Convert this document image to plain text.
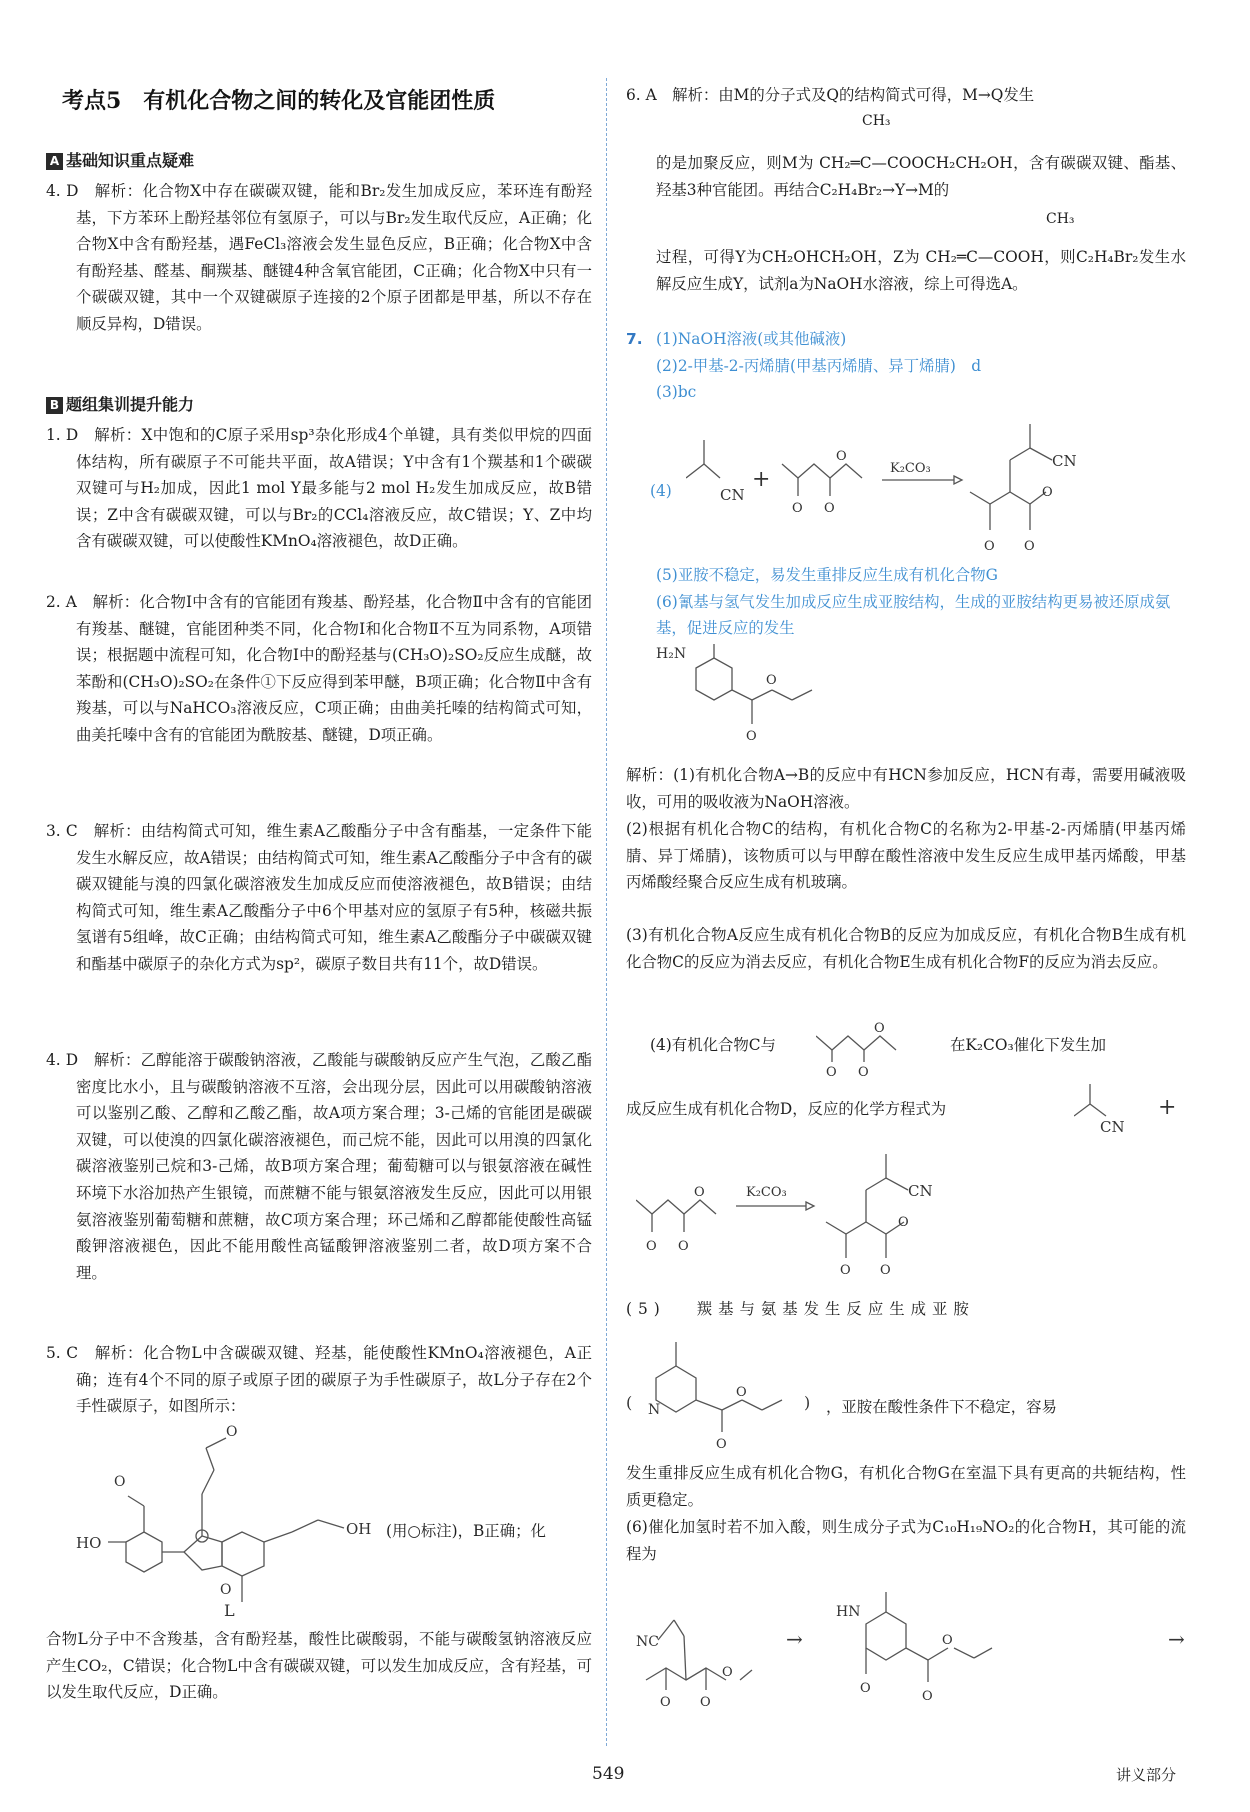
考点5　有机化合物之间的转化及官能团性质
A 基础知识重点疑难

4. D　解析：化合物X中存在碳碳双键，能和Br₂发生加成反应，苯环连有酚羟基，下方苯环上酚羟基邻位有氢原子，可以与Br₂发生取代反应，A正确；化合物X中含有酚羟基，遇FeCl₃溶液会发生显色反应，B正确；化合物X中含有酚羟基、醛基、酮羰基、醚键4种含氧官能团，C正确；化合物X中只有一个碳碳双键，其中一个双键碳原子连接的2个原子团都是甲基，所以不存在顺反异构，D错误。

B 题组集训提升能力

1. D　解析：X中饱和的C原子采用sp³杂化形成4个单键，具有类似甲烷的四面体结构，所有碳原子不可能共平面，故A错误；Y中含有1个羰基和1个碳碳双键可与H₂加成，因此1 mol Y最多能与2 mol H₂发生加成反应，故B错误；Z中含有碳碳双键，可以与Br₂的CCl₄溶液反应，故C错误；Y、Z中均含有碳碳双键，可以使酸性KMnO₄溶液褪色，故D正确。

2. A　解析：化合物Ⅰ中含有的官能团有羧基、酚羟基，化合物Ⅱ中含有的官能团有羧基、醚键，官能团种类不同，化合物Ⅰ和化合物Ⅱ不互为同系物，A项错误；根据题中流程可知，化合物Ⅰ中的酚羟基与(CH₃O)₂SO₂反应生成醚，故苯酚和(CH₃O)₂SO₂在条件①下反应得到苯甲醚，B项正确；化合物Ⅱ中含有羧基，可以与NaHCO₃溶液反应，C项正确；由曲美托嗪的结构简式可知，曲美托嗪中含有的官能团为酰胺基、醚键，D项正确。

3. C　解析：由结构简式可知，维生素A乙酸酯分子中含有酯基，一定条件下能发生水解反应，故A错误；由结构简式可知，维生素A乙酸酯分子中含有的碳碳双键能与溴的四氯化碳溶液发生加成反应而使溶液褪色，故B错误；由结构简式可知，维生素A乙酸酯分子中6个甲基对应的氢原子有5种，核磁共振氢谱有5组峰，故C正确；由结构简式可知，维生素A乙酸酯分子中碳碳双键和酯基中碳原子的杂化方式为sp²，碳原子数目共有11个，故D错误。

4. D　解析：乙醇能溶于碳酸钠溶液，乙酸能与碳酸钠反应产生气泡，乙酸乙酯密度比水小，且与碳酸钠溶液不互溶，会出现分层，因此可以用碳酸钠溶液可以鉴别乙酸、乙醇和乙酸乙酯，故A项方案合理；3-己烯的官能团是碳碳双键，可以使溴的四氯化碳溶液褪色，而己烷不能，因此可以用溴的四氯化碳溶液鉴别己烷和3-己烯，故B项方案合理；葡萄糖可以与银氨溶液在碱性环境下水浴加热产生银镜，而蔗糖不能与银氨溶液发生反应，因此可以用银氨溶液鉴别葡萄糖和蔗糖，故C项方案合理；环己烯和乙醇都能使酸性高锰酸钾溶液褪色，因此不能用酸性高锰酸钾溶液鉴别二者，故D项方案不合理。

5. C　解析：化合物L中含碳碳双键、羟基，能使酸性KMnO₄溶液褪色，A正确；连有4个不同的原子或原子团的碳原子为手性碳原子，故L分子存在2个手性碳原子，如图所示：

HO
O
O
OH
O
L
(用○标注)，B正确；化

合物L分子中不含羧基，含有酚羟基，酸性比碳酸弱，不能与碳酸氢钠溶液反应产生CO₂，C错误；化合物L中含有碳碳双键，可以发生加成反应，含有羟基，可以发生取代反应，D正确。

6. A　解析：由M的分子式及Q的结构简式可得，M→Q发生
CH₃

的是加聚反应，则M为 CH₂═C—COOCH₂CH₂OH，含有碳碳双键、酯基、羟基3种官能团。再结合C₂H₄Br₂→Y→M的

CH₃

过程，可得Y为CH₂OHCH₂OH，Z为 CH₂═C—COOH，则C₂H₄Br₂发生水解反应生成Y，试剂a为NaOH水溶液，综上可得选A。

7. (1)NaOH溶液(或其他碱液)

(2)2-甲基-2-丙烯腈(甲基丙烯腈、异丁烯腈)　d

(3)bc

(4)	CN
+
O O
O
K₂CO₃	CN
O O
O

(5)亚胺不稳定，易发生重排反应生成有机化合物G

(6)氰基与氢气发生加成反应生成亚胺结构，生成的亚胺结构更易被还原成氨基，促进反应的发生

H₂N
O
O

解析：(1)有机化合物A→B的反应中有HCN参加反应，HCN有毒，需要用碱液吸收，可用的吸收液为NaOH溶液。

(2)根据有机化合物C的结构，有机化合物C的名称为2-甲基-2-丙烯腈(甲基丙烯腈、异丁烯腈)，该物质可以与甲醇在酸性溶液中发生反应生成甲基丙烯酸，甲基丙烯酸经聚合反应生成有机玻璃。

(3)有机化合物A反应生成有机化合物B的反应为加成反应，有机化合物B生成有机化合物C的反应为消去反应，有机化合物E生成有机化合物F的反应为消去反应。

(4)有机化合物C与
O O
O
在K₂CO₃催化下发生加
成反应生成有机化合物D，反应的化学方程式为
CN
+
O O
O	K₂CO₃	CN
O O
O
(5) 羰基与氨基发生反应生成亚胺
( N
O
O
) ，亚胺在酸性条件下不稳定，容易

发生重排反应生成有机化合物G，有机化合物G在室温下具有更高的共轭结构，性质更稳定。

(6)催化加氢时若不加入酸，则生成分子式为C₁₀H₁₉NO₂的化合物H，其可能的流程为

NC
O O
O
→
HN
O
O
O	→
549	讲义部分
